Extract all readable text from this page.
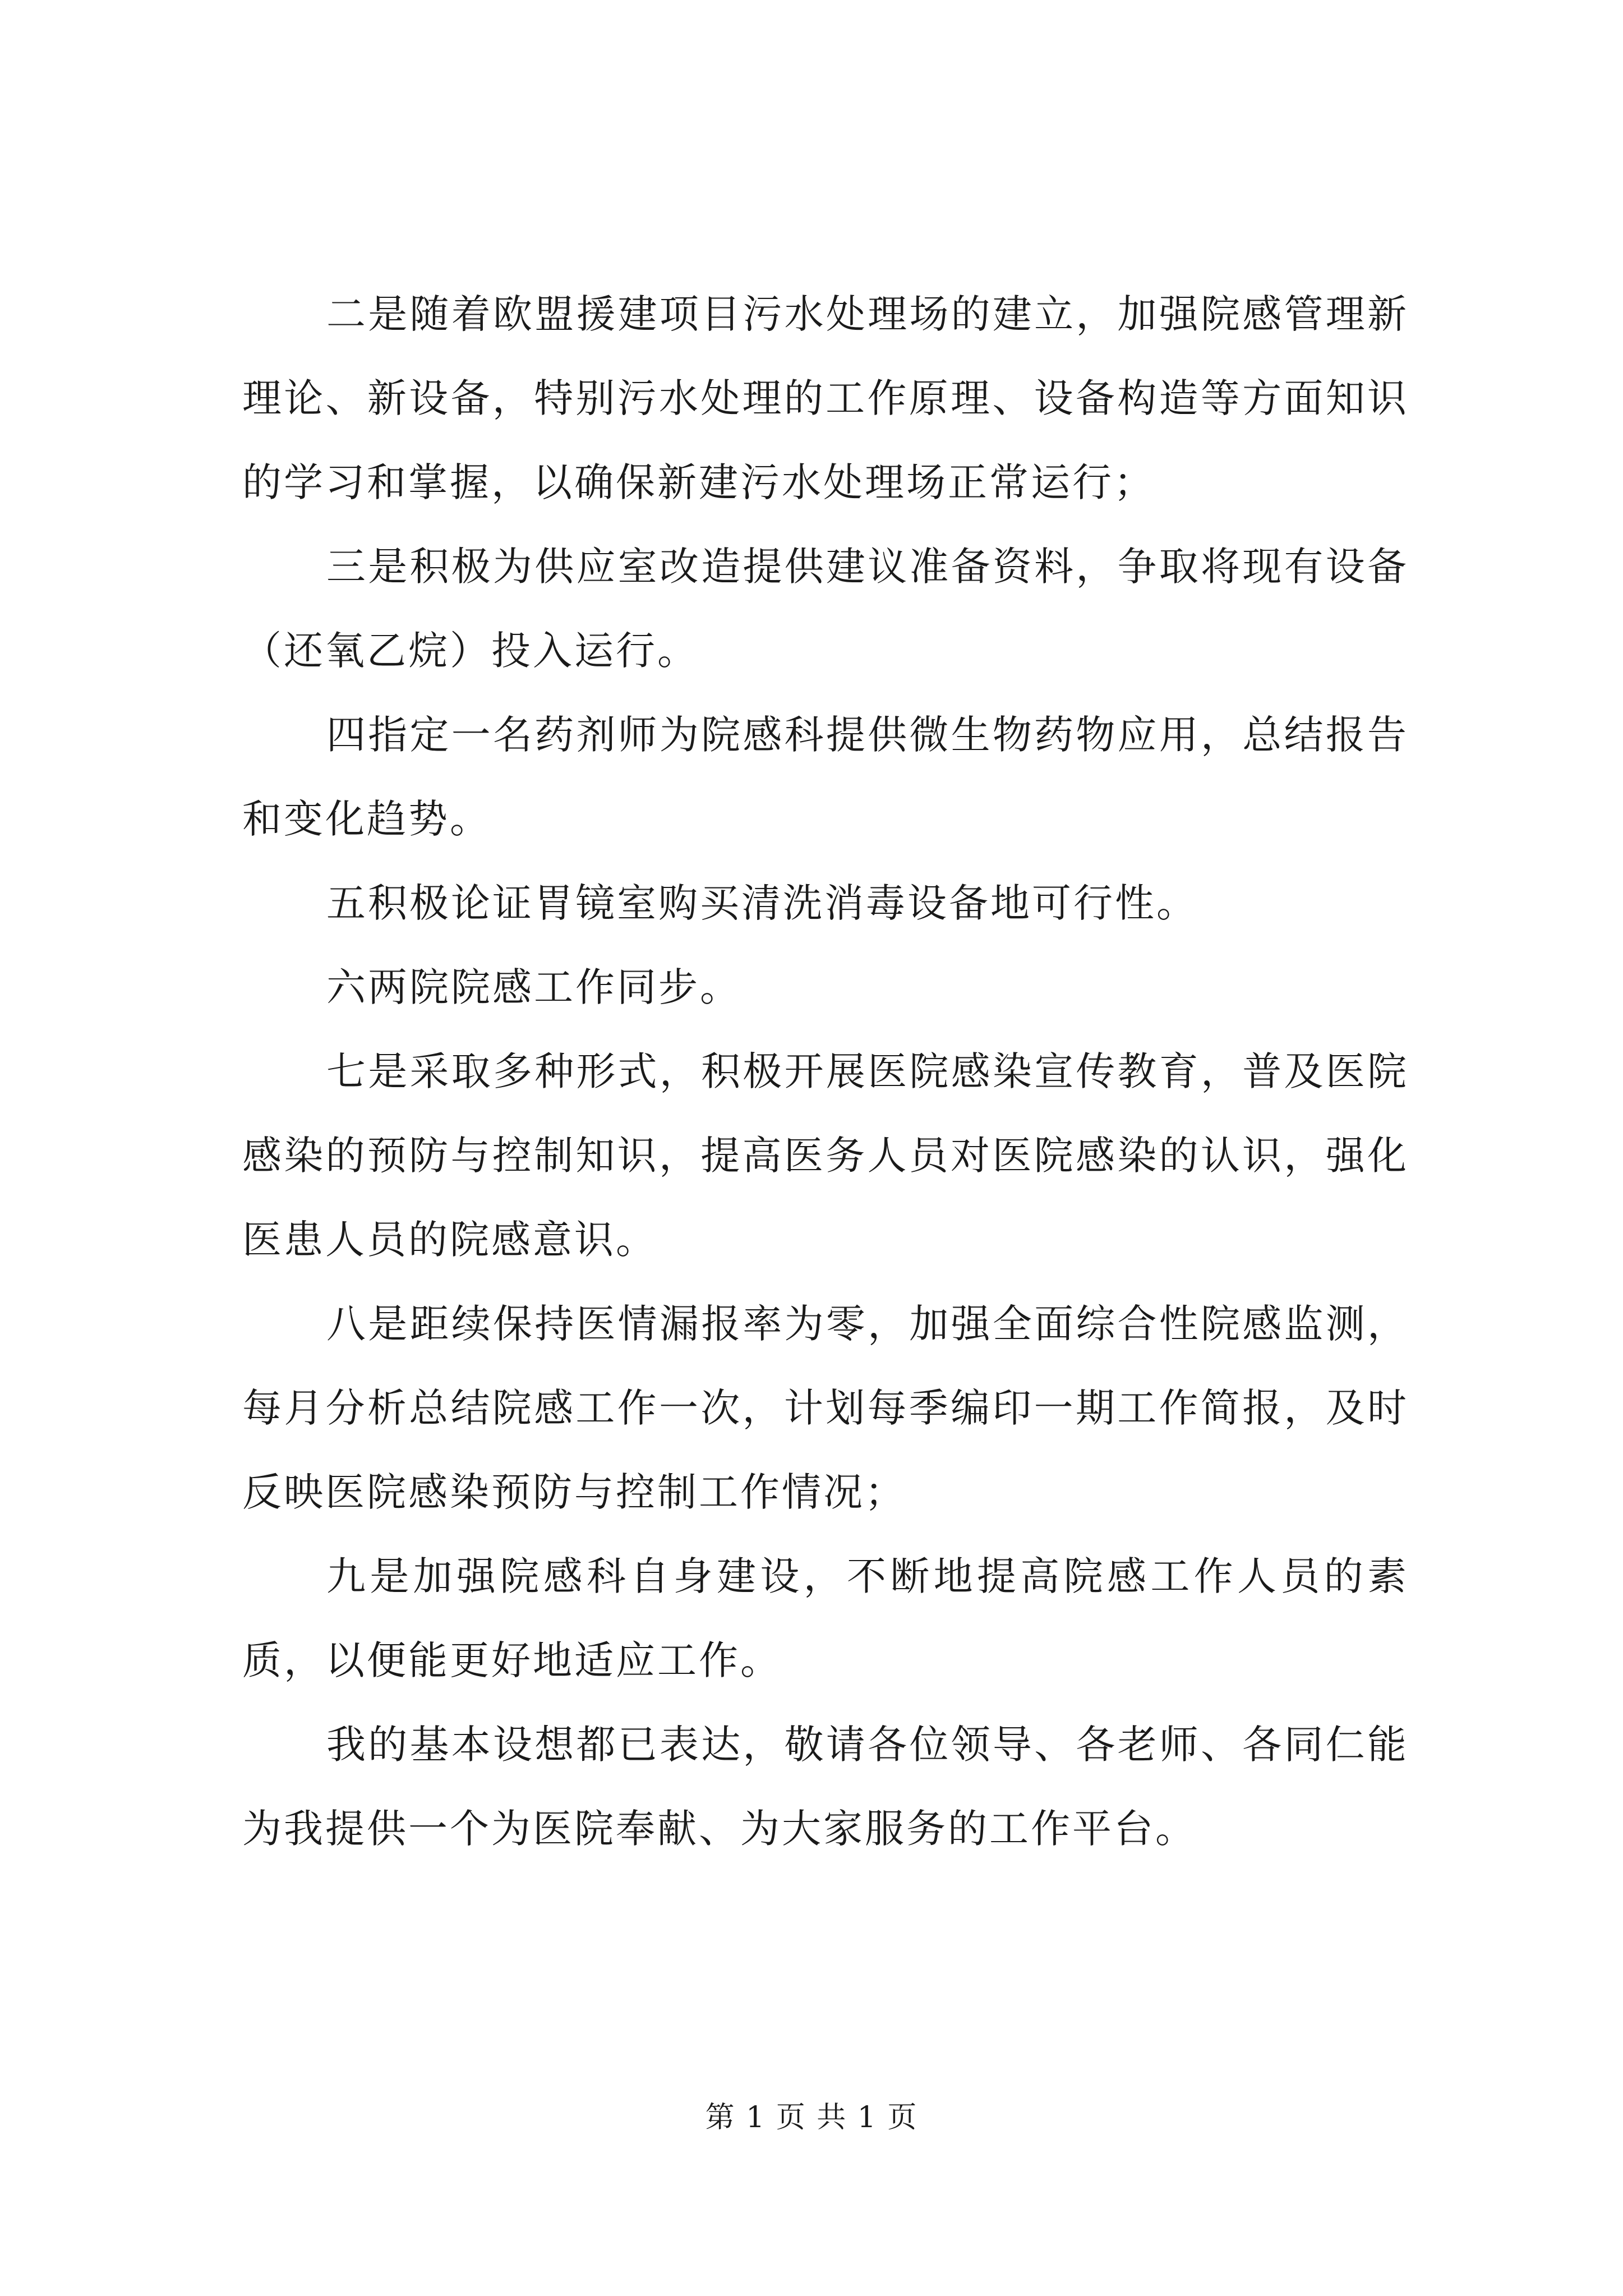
二是随着欧盟援建项目污水处理场的建立，加强院感管理新理论、新设备，特别污水处理的工作原理、设备构造等方面知识的学习和掌握，以确保新建污水处理场正常运行；

三是积极为供应室改造提供建议准备资料，争取将现有设备（还氧乙烷）投入运行。

四指定一名药剂师为院感科提供微生物药物应用，总结报告和变化趋势。

五积极论证胃镜室购买清洗消毒设备地可行性。

六两院院感工作同步。

七是采取多种形式，积极开展医院感染宣传教育，普及医院感染的预防与控制知识，提高医务人员对医院感染的认识，强化医患人员的院感意识。

八是距续保持医情漏报率为零，加强全面综合性院感监测，每月分析总结院感工作一次，计划每季编印一期工作简报，及时反映医院感染预防与控制工作情况；

九是加强院感科自身建设，不断地提高院感工作人员的素质，以便能更好地适应工作。

我的基本设想都已表达，敬请各位领导、各老师、各同仁能为我提供一个为医院奉献、为大家服务的工作平台。

第 1 页 共 1 页
